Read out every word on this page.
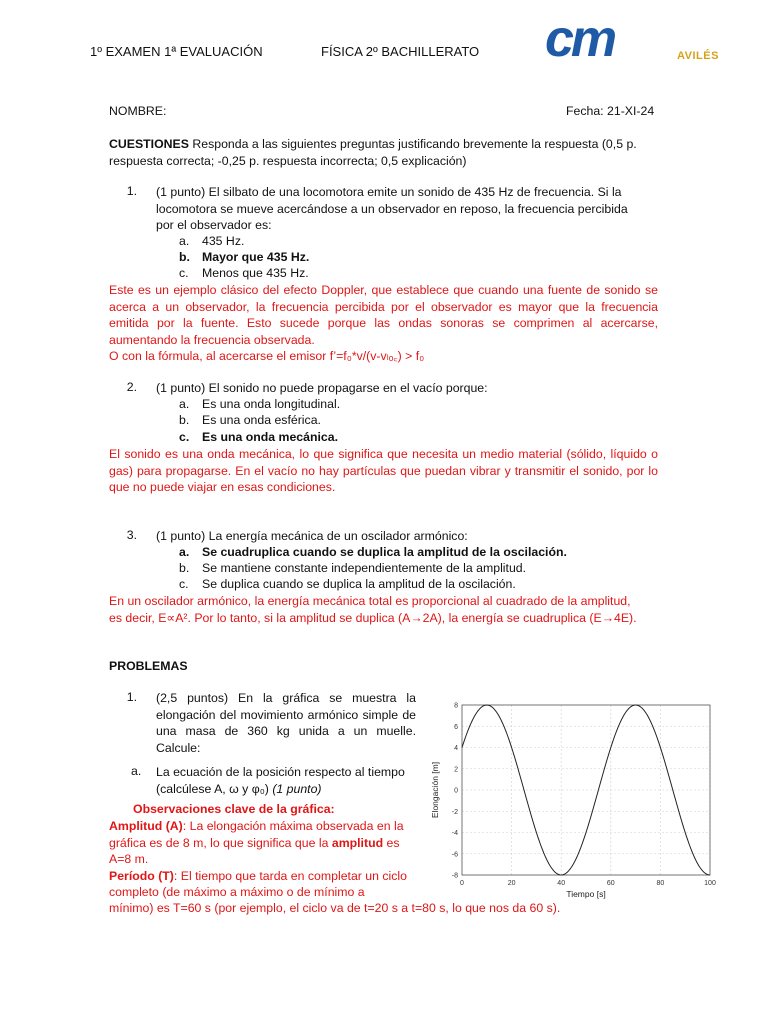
1º EXAMEN 1ª EVALUACIÓN	FÍSICA 2º BACHILLERATO cm	AVILÉS
NOMBRE:	Fecha: 21-XI-24

CUESTIONES Responda a las siguientes preguntas justificando brevemente la respuesta (0,5 p.

respuesta correcta; -0,25 p. respuesta incorrecta; 0,5 explicación)

1. (1 punto) El silbato de una locomotora emite un sonido de 435 Hz de frecuencia. Si la

locomotora se mueve acercándose a un observador en reposo, la frecuencia percibida

por el observador es:

a. 435 Hz.
b. Mayor que 435 Hz.
c. Menos que 435 Hz.

Este es un ejemplo clásico del efecto Doppler, que establece que cuando una fuente de sonido se acerca a un observador, la frecuencia percibida por el observador es mayor que la frecuencia emitida por la fuente. Esto sucede porque las ondas sonoras se comprimen al acercarse, aumentando la frecuencia observada.

O con la fórmula, al acercarse el emisor f’=f₀*v/(v-vₗₒ꜀) > f₀

2. (1 punto) El sonido no puede propagarse en el vacío porque:

a. Es una onda longitudinal.
b. Es una onda esférica.
c. Es una onda mecánica.

El sonido es una onda mecánica, lo que significa que necesita un medio material (sólido, líquido o gas) para propagarse. En el vacío no hay partículas que puedan vibrar y transmitir el sonido, por lo que no puede viajar en esas condiciones.

3. (1 punto) La energía mecánica de un oscilador armónico:

a. Se cuadruplica cuando se duplica la amplitud de la oscilación.
b. Se mantiene constante independientemente de la amplitud.
c. Se duplica cuando se duplica la amplitud de la oscilación.

En un oscilador armónico, la energía mecánica total es proporcional al cuadrado de la amplitud,

es decir, E∝A². Por lo tanto, si la amplitud se duplica (A→2A), la energía se cuadruplica (E→4E).

PROBLEMAS
1. (2,5 puntos) En la gráfica se muestra la elongación del movimiento armónico simple de una masa de 360 kg unida a un muelle. Calcule:

a. La ecuación de la posición respecto al tiempo

(calcúlese A, ω y φ₀) (1 punto)

Observaciones clave de la gráfica:

Amplitud (A): La elongación máxima observada en la

gráfica es de 8 m, lo que significa que la amplitud es

A=8 m.

Período (T): El tiempo que tarda en completar un ciclo

completo (de máximo a máximo o de mínimo a

mínimo) es T=60 s (por ejemplo, el ciclo va de t=20 s a t=80 s, lo que nos da 60 s).

0	20	40	60	80	100
8
6
4
2
0
-2
-4
-6
-8
Tiempo [s]
Elongación [m]
